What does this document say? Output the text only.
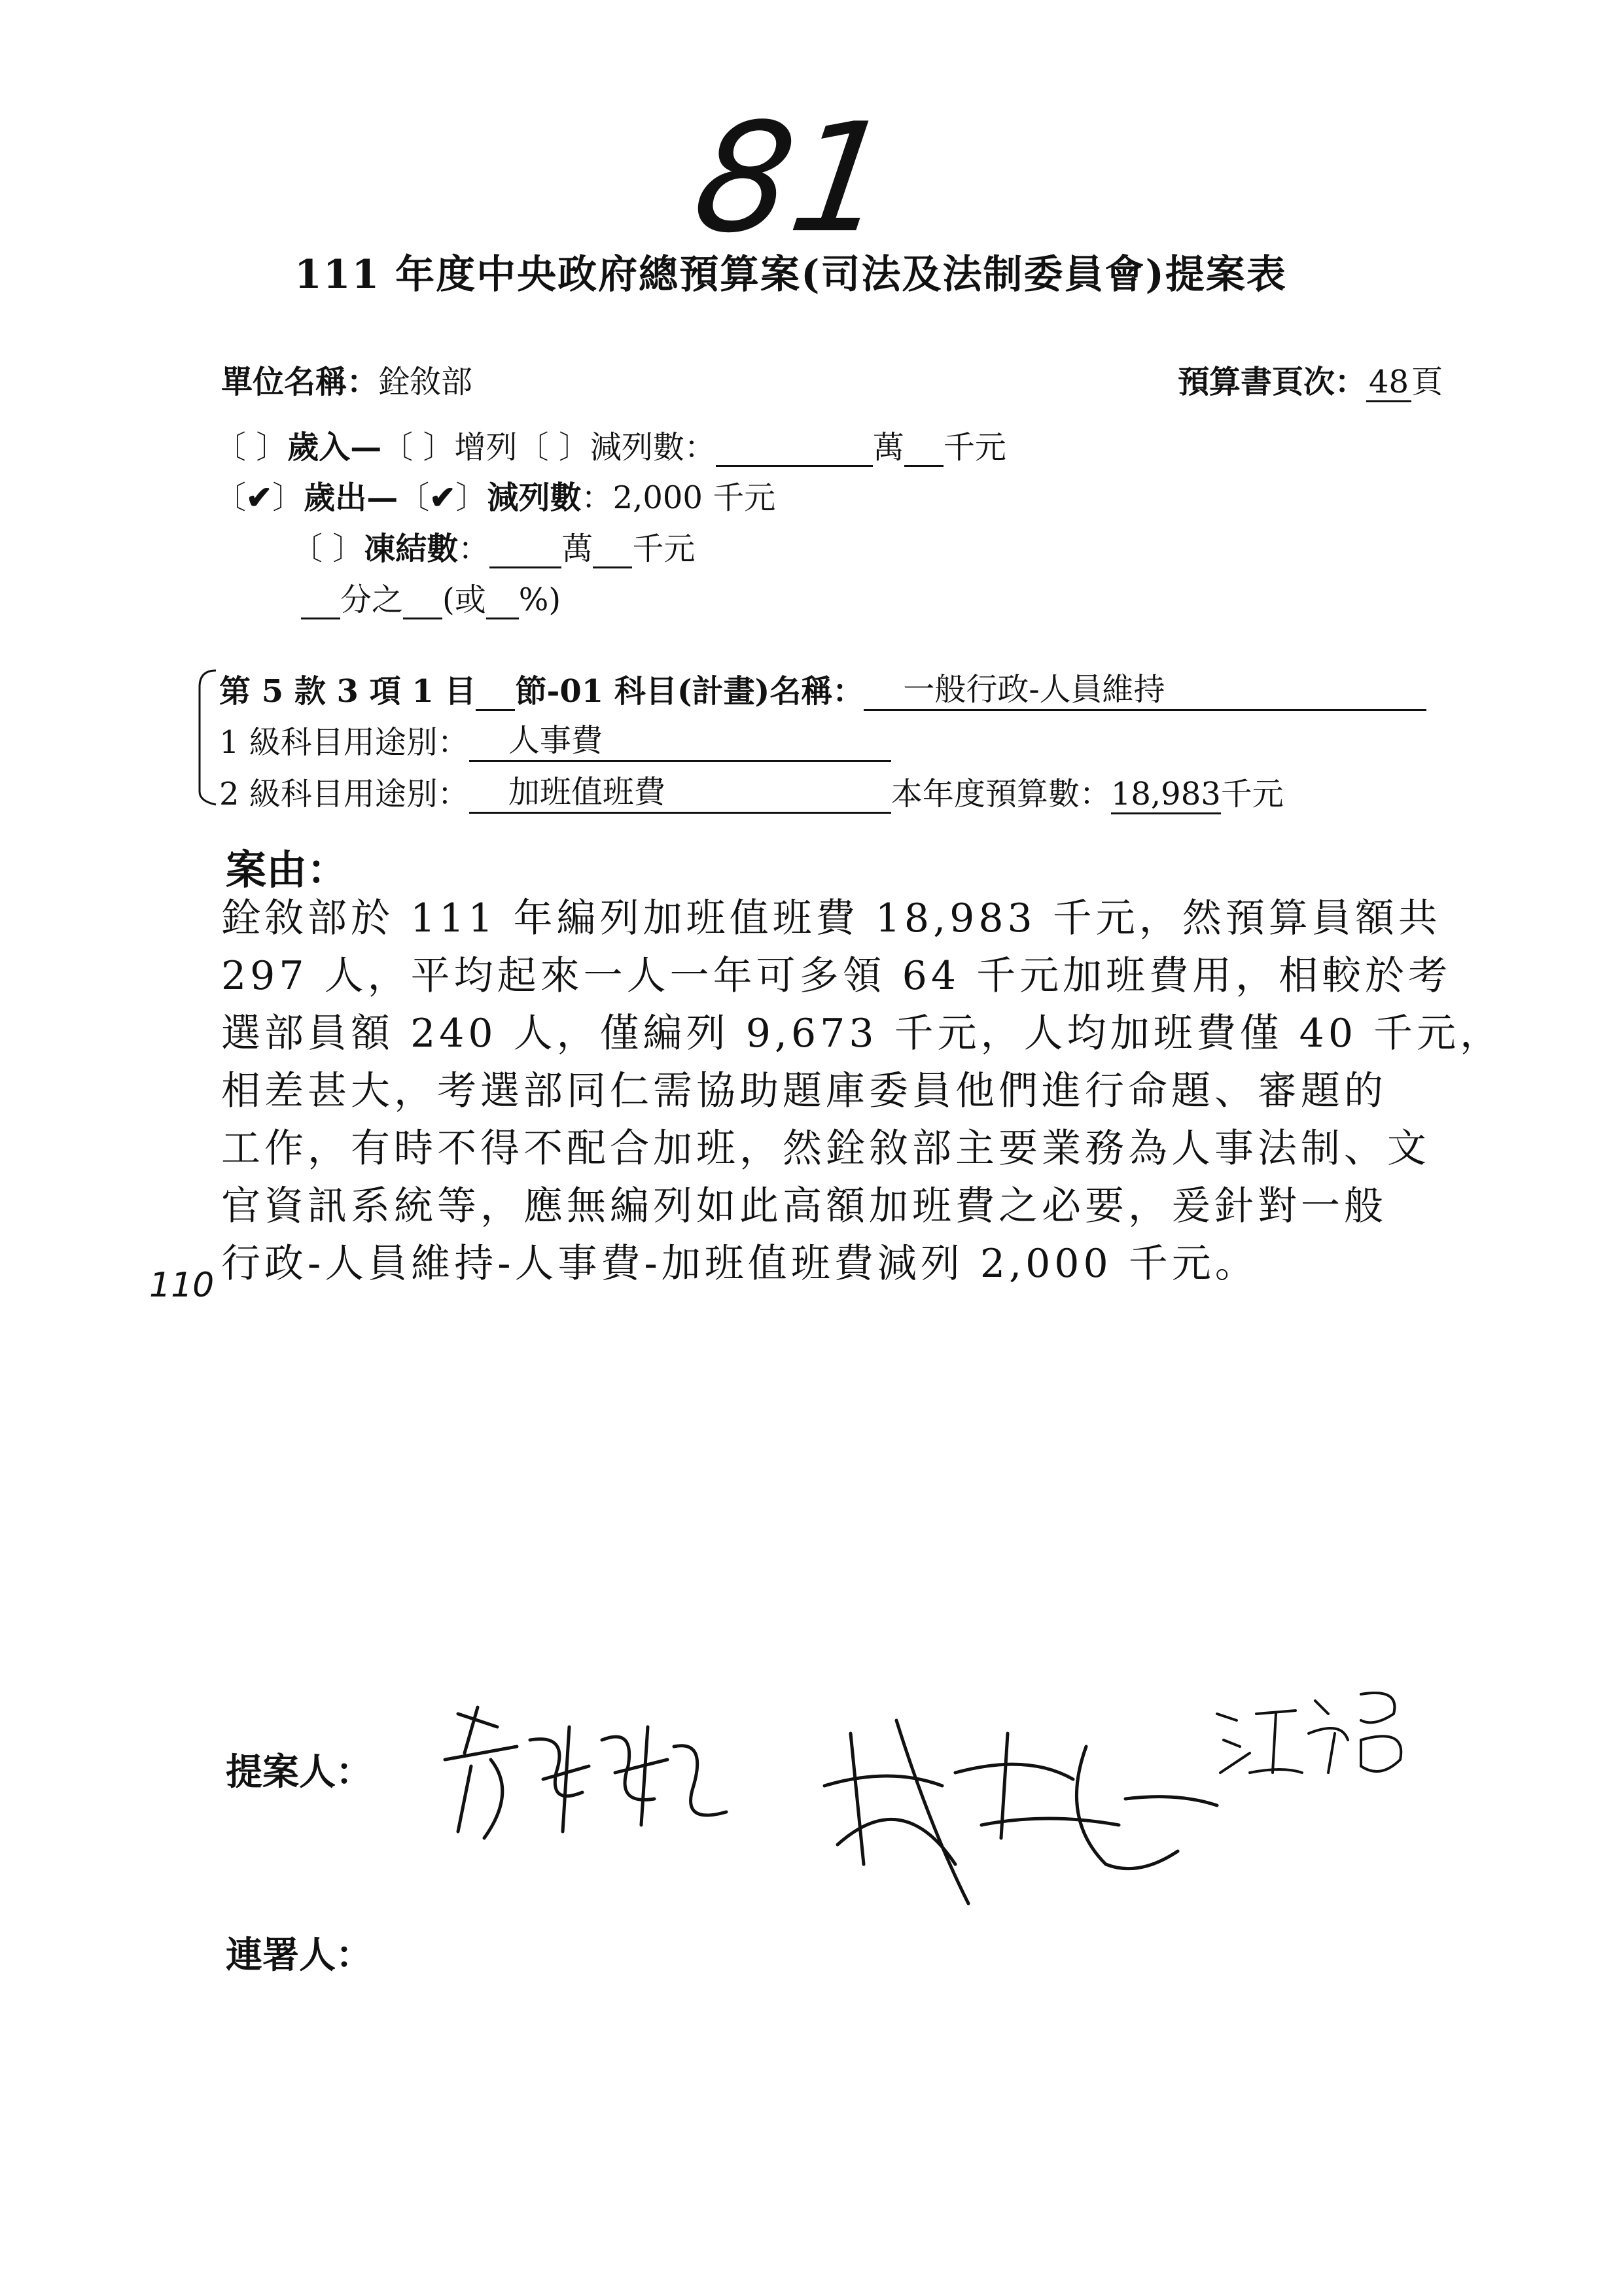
81
111 年度中央政府總預算案(司法及法制委員會)提案表
單位名稱：銓敘部	預算書頁次：48頁
〔 〕歲入—〔 〕增列〔 〕減列數：	萬 千元
〔✔〕歲出—〔✔〕減列數：2,000 千元
〔 〕凍結數： 萬 千元
分之 (或 %)
第 5 款 3 項 1 目 節-01 科目(計畫)名稱： 一般行政-人員維持
1 級科目用途別： 人事費
2 級科目用途別： 加班值班費	本年度預算數：18,983千元
案由：
銓敘部於 111 年編列加班值班費 18,983 千元，然預算員額共
297 人，平均起來一人一年可多領 64 千元加班費用，相較於考
選部員額 240 人，僅編列 9,673 千元，人均加班費僅 40 千元，
相差甚大，考選部同仁需協助題庫委員他們進行命題、審題的
工作，有時不得不配合加班，然銓敘部主要業務為人事法制、文
官資訊系統等，應無編列如此高額加班費之必要，爰針對一般
行政-人員維持-人事費-加班值班費減列 2,000 千元。
110
提案人：
連署人：
